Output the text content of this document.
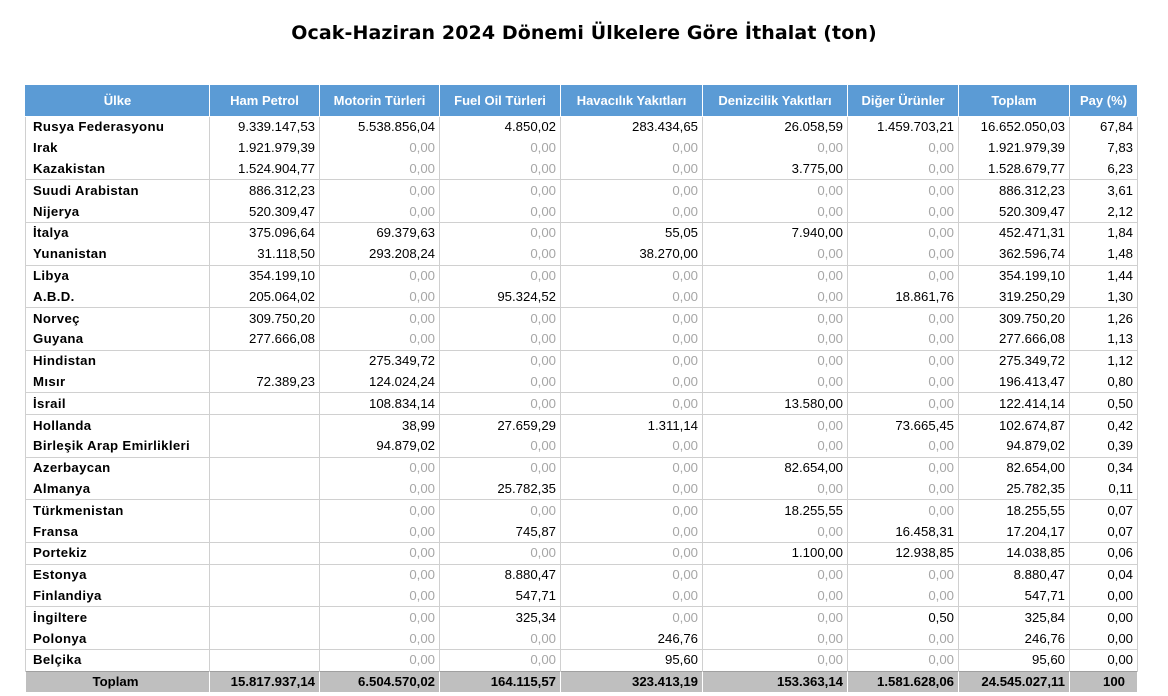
Ocak-Haziran 2024 Dönemi Ülkelere Göre İthalat (ton)
Ülke	Ham Petrol	Motorin Türleri	Fuel Oil Türleri	Havacılık Yakıtları	Denizcilik Yakıtları	Diğer Ürünler	Toplam	Pay (%)
Rusya Federasyonu	9.339.147,53	5.538.856,04	4.850,02	283.434,65	26.058,59	1.459.703,21	16.652.050,03	67,84
Irak	1.921.979,39	0,00	0,00	0,00	0,00	0,00	1.921.979,39	7,83
Kazakistan	1.524.904,77	0,00	0,00	0,00	3.775,00	0,00	1.528.679,77	6,23
Suudi Arabistan	886.312,23	0,00	0,00	0,00	0,00	0,00	886.312,23	3,61
Nijerya	520.309,47	0,00	0,00	0,00	0,00	0,00	520.309,47	2,12
İtalya	375.096,64	69.379,63	0,00	55,05	7.940,00	0,00	452.471,31	1,84
Yunanistan	31.118,50	293.208,24	0,00	38.270,00	0,00	0,00	362.596,74	1,48
Libya	354.199,10	0,00	0,00	0,00	0,00	0,00	354.199,10	1,44
A.B.D.	205.064,02	0,00	95.324,52	0,00	0,00	18.861,76	319.250,29	1,30
Norveç	309.750,20	0,00	0,00	0,00	0,00	0,00	309.750,20	1,26
Guyana	277.666,08	0,00	0,00	0,00	0,00	0,00	277.666,08	1,13
Hindistan		275.349,72	0,00	0,00	0,00	0,00	275.349,72	1,12
Mısır	72.389,23	124.024,24	0,00	0,00	0,00	0,00	196.413,47	0,80
İsrail		108.834,14	0,00	0,00	13.580,00	0,00	122.414,14	0,50
Hollanda		38,99	27.659,29	1.311,14	0,00	73.665,45	102.674,87	0,42
Birleşik Arap Emirlikleri		94.879,02	0,00	0,00	0,00	0,00	94.879,02	0,39
Azerbaycan		0,00	0,00	0,00	82.654,00	0,00	82.654,00	0,34
Almanya		0,00	25.782,35	0,00	0,00	0,00	25.782,35	0,11
Türkmenistan		0,00	0,00	0,00	18.255,55	0,00	18.255,55	0,07
Fransa		0,00	745,87	0,00	0,00	16.458,31	17.204,17	0,07
Portekiz		0,00	0,00	0,00	1.100,00	12.938,85	14.038,85	0,06
Estonya		0,00	8.880,47	0,00	0,00	0,00	8.880,47	0,04
Finlandiya		0,00	547,71	0,00	0,00	0,00	547,71	0,00
İngiltere		0,00	325,34	0,00	0,00	0,50	325,84	0,00
Polonya		0,00	0,00	246,76	0,00	0,00	246,76	0,00
Belçika		0,00	0,00	95,60	0,00	0,00	95,60	0,00
Toplam	15.817.937,14	6.504.570,02	164.115,57	323.413,19	153.363,14	1.581.628,06	24.545.027,11	100
